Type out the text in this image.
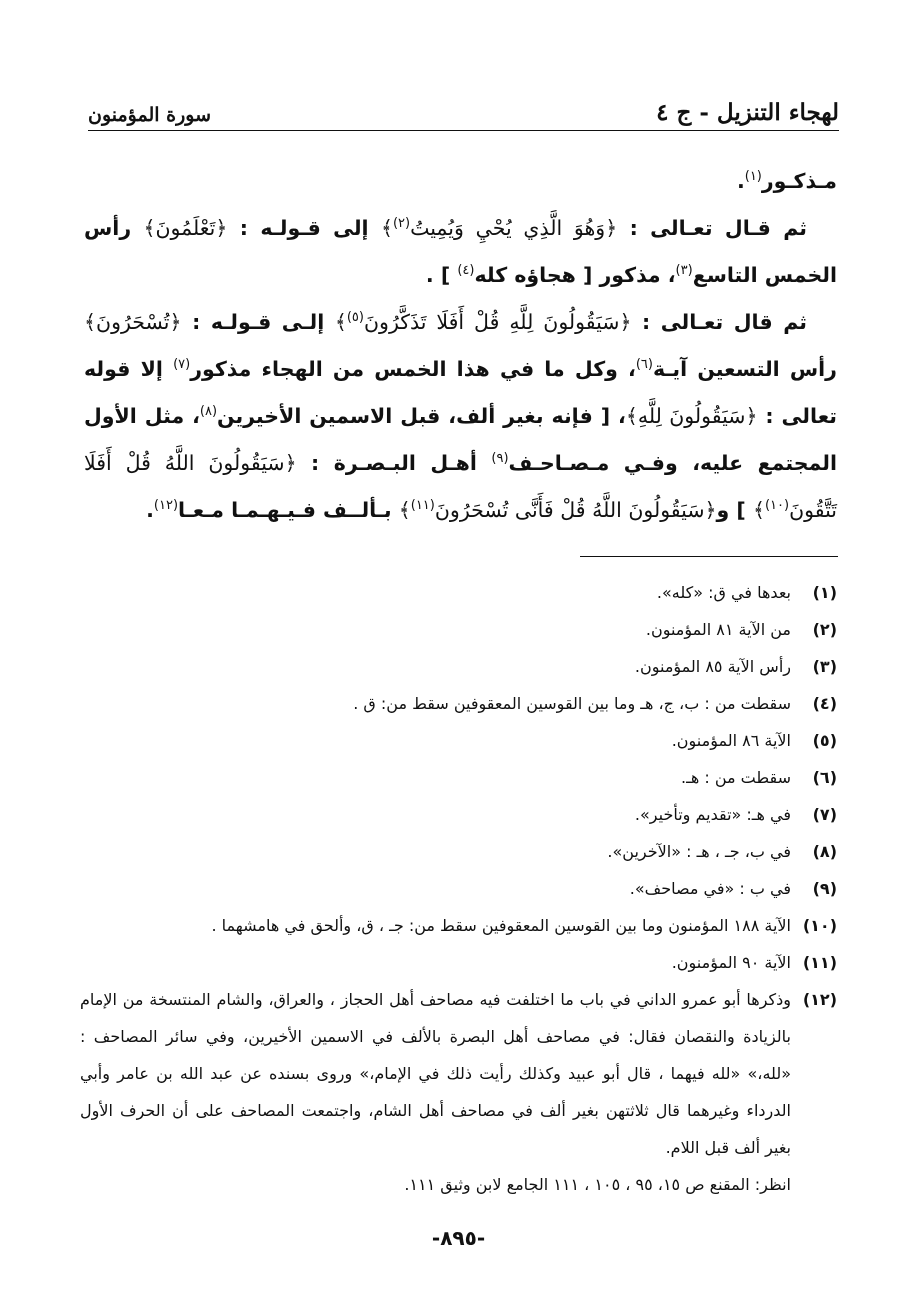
لهجاء التنزيل - ج ٤
سورة المؤمنون

مـذكـور$^{(١)}$.

ثم قـال تعـالى : ﴿وَهُوَ الَّذِي يُحْيِ وَيُمِيتُ$^{(٢)}$﴾ إلى قـولـه : ﴿تَعْلَمُونَ﴾ رأس الخمس التاسع$^{(٣)}$، مذكور [ هجاؤه كله$^{(٤)}$ ] .

ثم قال تعـالى : ﴿سَيَقُولُونَ لِلَّهِ قُلْ أَفَلَا تَذَكَّرُونَ$^{(٥)}$﴾ إلـى قـولـه : ﴿تُسْحَرُونَ﴾ رأس التسعين آيـة$^{(٦)}$، وكل ما في هذا الخمس من الهجاء مذكور$^{(٧)}$ إلا قوله تعالى : ﴿سَيَقُولُونَ لِلَّهِ﴾، [ فإنه بغير ألف، قبل الاسمين الأخيرين$^{(٨)}$، مثل الأول المجتمع عليه، وفـي مـصـاحـف$^{(٩)}$ أهـل البـصـرة : ﴿سَيَقُولُونَ اللَّهُ قُلْ أَفَلَا تَتَّقُونَ$^{(١٠)}$﴾ ] و﴿سَيَقُولُونَ اللَّهُ قُلْ فَأَنَّى تُسْحَرُونَ$^{(١١)}$﴾ بـألــف فـيـهـمـا مـعـا$^{(١٢)}$.

(١)
بعدها في ق: «كله».
(٢)
من الآية ٨١ المؤمنون.
(٣)
رأس الآية ٨٥ المؤمنون.
(٤)
سقطت من : ب، ج، هـ وما بين القوسين المعقوفين سقط من: ق .
(٥)
الآية ٨٦ المؤمنون.
(٦)
سقطت من : هـ.
(٧)
في هـ: «تقديم وتأخير».
(٨)
في ب، جـ ، هـ : «الآخرين».
(٩)
في ب : «في مصاحف».
(١٠)
الآية ١٨٨ المؤمنون وما بين القوسين المعقوفين سقط من: جـ ، ق، وألحق في هامشهما .
(١١)
الآية ٩٠ المؤمنون.
(١٢)
وذكرها أبو عمرو الداني في باب ما اختلفت فيه مصاحف أهل الحجاز ، والعراق، والشام المنتسخة من الإمام بالزيادة والنقصان فقال: في مصاحف أهل البصرة بالألف في الاسمين الأخيرين، وفي سائر المصاحف : «لله،» «لله فيهما ، قال أبو عبيد وكذلك رأيت ذلك في الإمام،» وروى بسنده عن عبد الله بن عامر وأبي الدرداء وغيرهما قال ثلاثتهن بغير ألف في مصاحف أهل الشام، واجتمعت المصاحف على أن الحرف الأول بغير ألف قبل اللام.
انظر: المقنع ص ١٥، ٩٥ ، ١٠٥ ، ١١١ الجامع لابن وثيق ١١١.
-٨٩٥-
